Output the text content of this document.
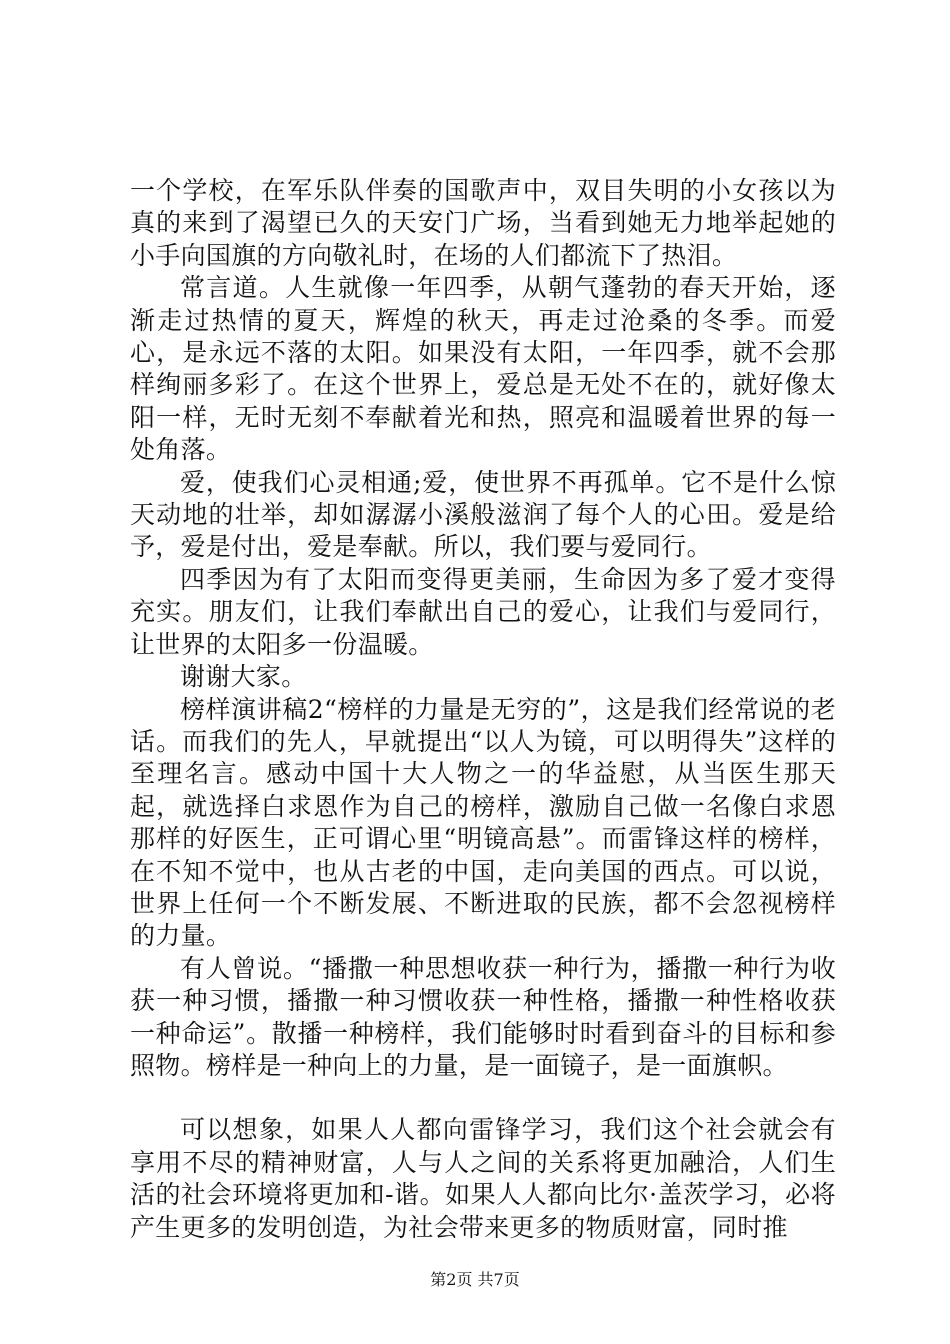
一个学校，在军乐队伴奏的国歌声中，双目失明的小女孩以为真的来到了渴望已久的天安门广场，当看到她无力地举起她的小手向国旗的方向敬礼时，在场的人们都流下了热泪。

常言道。人生就像一年四季，从朝气蓬勃的春天开始，逐渐走过热情的夏天，辉煌的秋天，再走过沧桑的冬季。而爱心，是永远不落的太阳。如果没有太阳，一年四季，就不会那样绚丽多彩了。在这个世界上，爱总是无处不在的，就好像太阳一样，无时无刻不奉献着光和热，照亮和温暖着世界的每一处角落。

爱，使我们心灵相通;爱，使世界不再孤单。它不是什么惊天动地的壮举，却如潺潺小溪般滋润了每个人的心田。爱是给予，爱是付出，爱是奉献。所以，我们要与爱同行。

四季因为有了太阳而变得更美丽，生命因为多了爱才变得充实。朋友们，让我们奉献出自己的爱心，让我们与爱同行，让世界的太阳多一份温暖。

谢谢大家。

榜样演讲稿2“榜样的力量是无穷的”，这是我们经常说的老话。而我们的先人，早就提出“以人为镜，可以明得失”这样的至理名言。感动中国十大人物之一的华益慰，从当医生那天起，就选择白求恩作为自己的榜样，激励自己做一名像白求恩那样的好医生，正可谓心里“明镜高悬”。而雷锋这样的榜样，在不知不觉中，也从古老的中国，走向美国的西点。可以说，世界上任何一个不断发展、不断进取的民族，都不会忽视榜样的力量。

有人曾说。“播撒一种思想收获一种行为，播撒一种行为收获一种习惯，播撒一种习惯收获一种性格，播撒一种性格收获一种命运”。散播一种榜样，我们能够时时看到奋斗的目标和参照物。榜样是一种向上的力量，是一面镜子，是一面旗帜。

可以想象，如果人人都向雷锋学习，我们这个社会就会有享用不尽的精神财富，人与人之间的关系将更加融洽，人们生活的社会环境将更加和-谐。如果人人都向比尔·盖茨学习，必将产生更多的发明创造，为社会带来更多的物质财富，同时推

第2页 共7页
